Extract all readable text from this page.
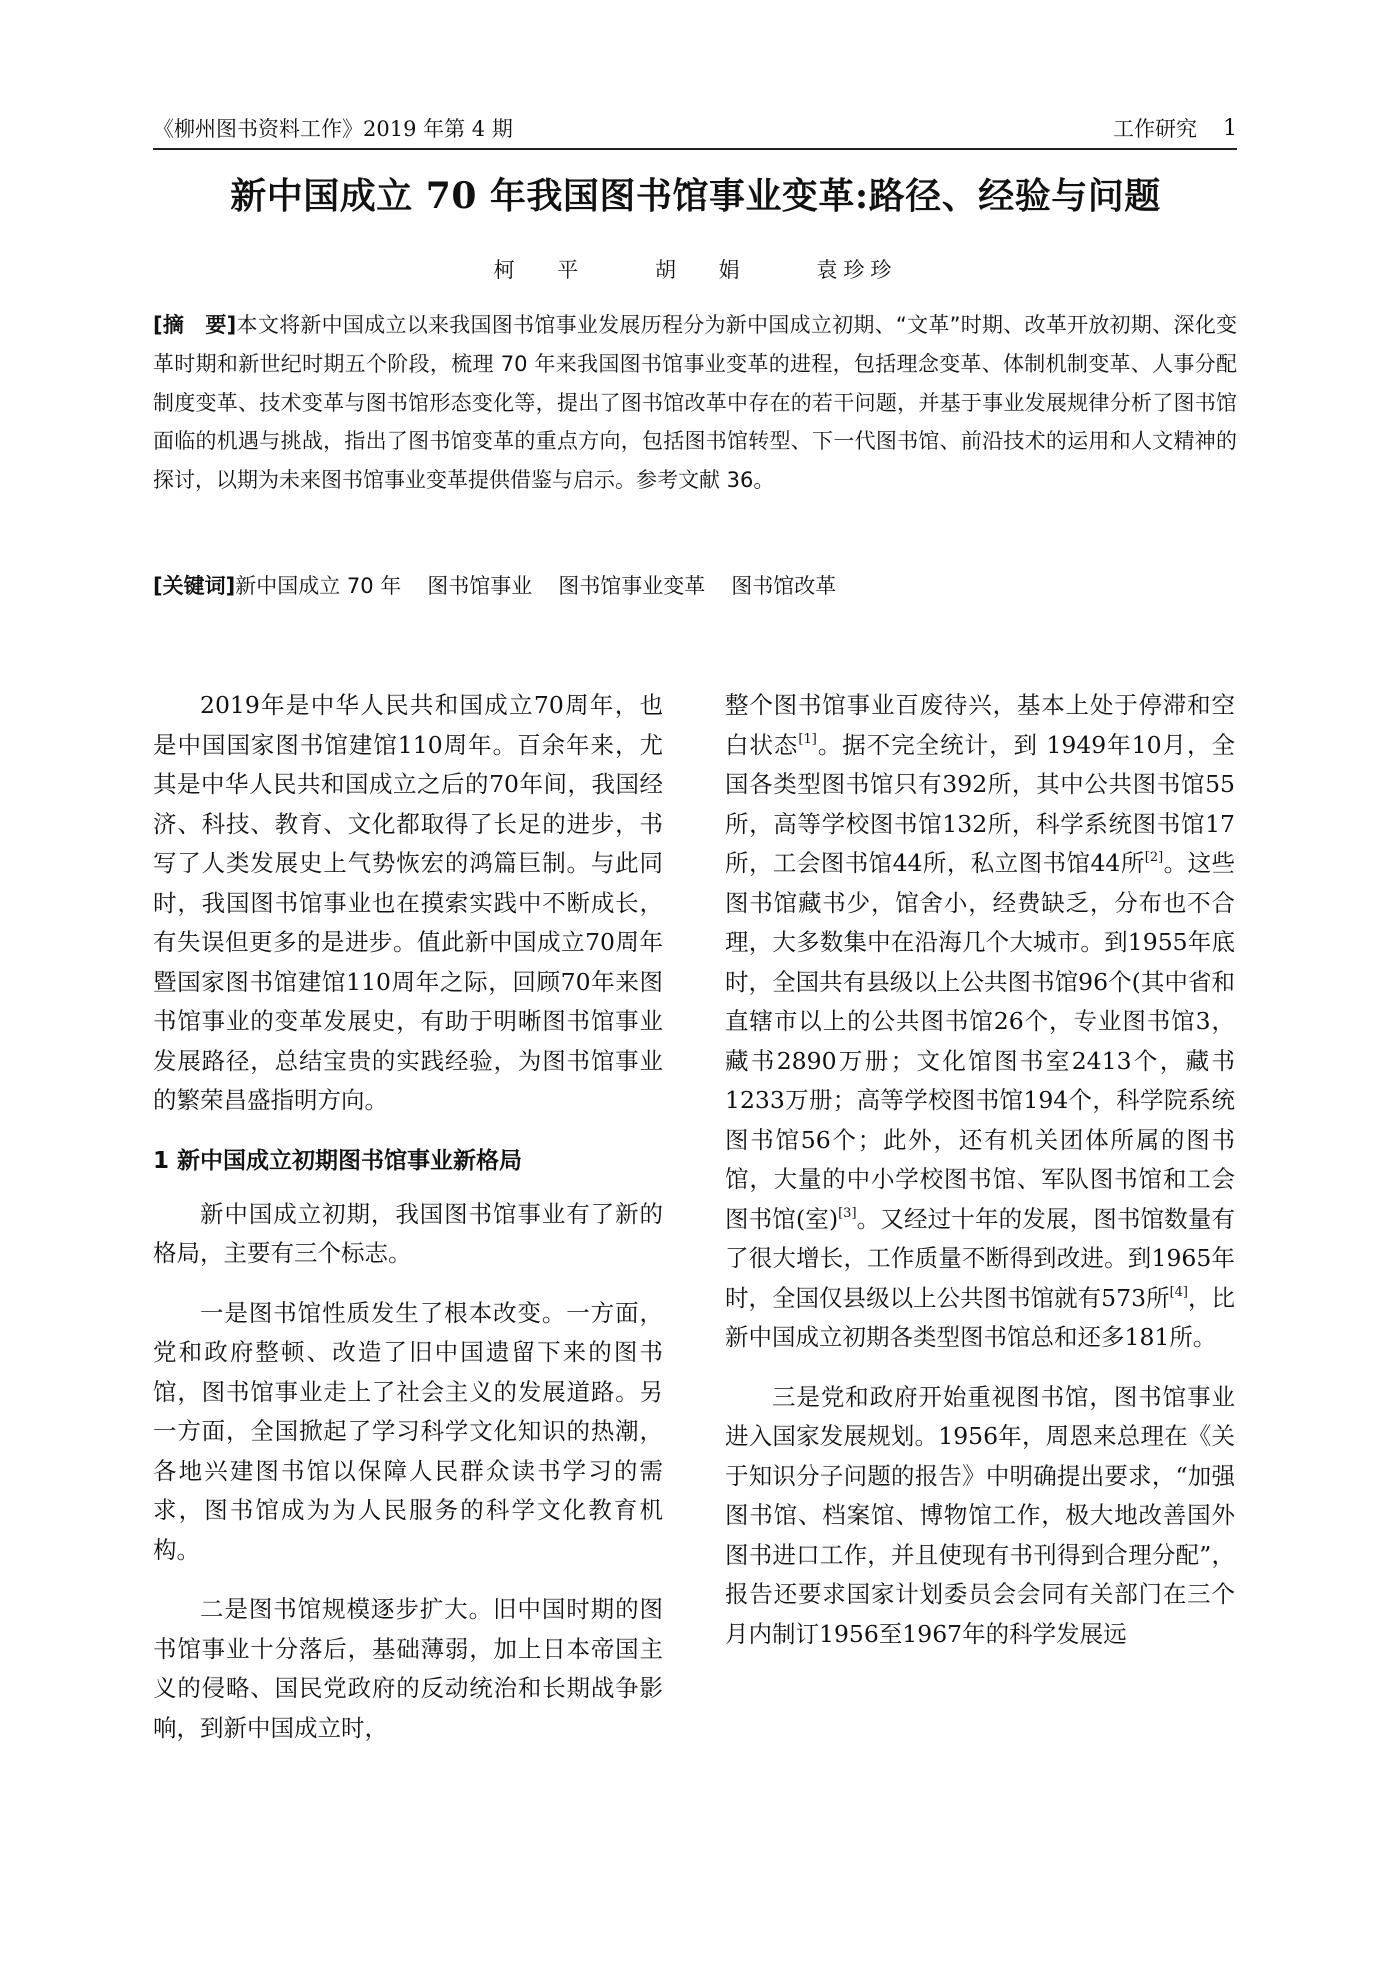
《柳州图书资料工作》2019 年第 4 期	工作研究 1
新中国成立 70 年我国图书馆事业变革:路径、经验与问题
柯 平	胡 娟	袁珍珍
[摘　要]本文将新中国成立以来我国图书馆事业发展历程分为新中国成立初期、“文革”时期、改革开放初期、深化变革时期和新世纪时期五个阶段，梳理 70 年来我国图书馆事业变革的进程，包括理念变革、体制机制变革、人事分配制度变革、技术变革与图书馆形态变化等，提出了图书馆改革中存在的若干问题，并基于事业发展规律分析了图书馆面临的机遇与挑战，指出了图书馆变革的重点方向，包括图书馆转型、下一代图书馆、前沿技术的运用和人文精神的探讨，以期为未来图书馆事业变革提供借鉴与启示。参考文献 36。
[关键词]新中国成立 70 年 图书馆事业 图书馆事业变革 图书馆改革

2019年是中华人民共和国成立70周年，也是中国国家图书馆建馆110周年。百余年来，尤其是中华人民共和国成立之后的70年间，我国经济、科技、教育、文化都取得了长足的进步，书写了人类发展史上气势恢宏的鸿篇巨制。与此同时，我国图书馆事业也在摸索实践中不断成长，有失误但更多的是进步。值此新中国成立70周年暨国家图书馆建馆110周年之际，回顾70年来图书馆事业的变革发展史，有助于明晰图书馆事业发展路径，总结宝贵的实践经验，为图书馆事业的繁荣昌盛指明方向。

1 新中国成立初期图书馆事业新格局

新中国成立初期，我国图书馆事业有了新的格局，主要有三个标志。

一是图书馆性质发生了根本改变。一方面，党和政府整顿、改造了旧中国遗留下来的图书馆，图书馆事业走上了社会主义的发展道路。另一方面，全国掀起了学习科学文化知识的热潮，各地兴建图书馆以保障人民群众读书学习的需求，图书馆成为为人民服务的科学文化教育机构。

二是图书馆规模逐步扩大。旧中国时期的图书馆事业十分落后，基础薄弱，加上日本帝国主义的侵略、国民党政府的反动统治和长期战争影响，到新中国成立时，

整个图书馆事业百废待兴，基本上处于停滞和空白状态[1]。据不完全统计，到 1949年10月，全国各类型图书馆只有392所，其中公共图书馆55所，高等学校图书馆132所，科学系统图书馆17所，工会图书馆44所，私立图书馆44所[2]。这些图书馆藏书少，馆舍小，经费缺乏，分布也不合理，大多数集中在沿海几个大城市。到1955年底时，全国共有县级以上公共图书馆96个(其中省和直辖市以上的公共图书馆26个，专业图书馆3，藏书2890万册；文化馆图书室2413个，藏书1233万册；高等学校图书馆194个，科学院系统图书馆56个；此外，还有机关团体所属的图书馆，大量的中小学校图书馆、军队图书馆和工会图书馆(室)[3]。又经过十年的发展，图书馆数量有了很大增长，工作质量不断得到改进。到1965年时，全国仅县级以上公共图书馆就有573所[4]，比新中国成立初期各类型图书馆总和还多181所。

三是党和政府开始重视图书馆，图书馆事业进入国家发展规划。1956年，周恩来总理在《关于知识分子问题的报告》中明确提出要求，“加强图书馆、档案馆、博物馆工作，极大地改善国外图书进口工作，并且使现有书刊得到合理分配”，报告还要求国家计划委员会会同有关部门在三个月内制订1956至1967年的科学发展远
